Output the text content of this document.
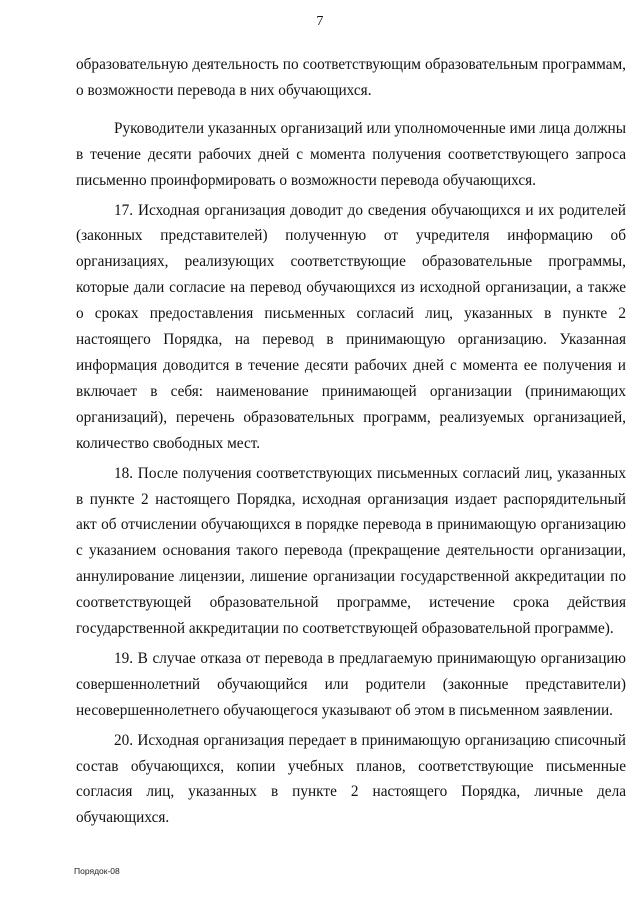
7

образовательную деятельность по соответствующим образовательным программам, о возможности перевода в них обучающихся.

Руководители указанных организаций или уполномоченные ими лица должны в течение десяти рабочих дней с момента получения соответствующего запроса письменно проинформировать о возможности перевода обучающихся.

17. Исходная организация доводит до сведения обучающихся и их родителей (законных представителей) полученную от учредителя информацию об организациях, реализующих соответствующие образовательные программы, которые дали согласие на перевод обучающихся из исходной организации, а также о сроках предоставления письменных согласий лиц, указанных в пункте 2 настоящего Порядка, на перевод в принимающую организацию. Указанная информация доводится в течение десяти рабочих дней с момента ее получения и включает в себя: наименование принимающей организации (принимающих организаций), перечень образовательных программ, реализуемых организацией, количество свободных мест.

18. После получения соответствующих письменных согласий лиц, указанных в пункте 2 настоящего Порядка, исходная организация издает распорядительный акт об отчислении обучающихся в порядке перевода в принимающую организацию с указанием основания такого перевода (прекращение деятельности организации, аннулирование лицензии, лишение организации государственной аккредитации по соответствующей образовательной программе, истечение срока действия государственной аккредитации по соответствующей образовательной программе).

19. В случае отказа от перевода в предлагаемую принимающую организацию совершеннолетний обучающийся или родители (законные представители) несовершеннолетнего обучающегося указывают об этом в письменном заявлении.

20. Исходная организация передает в принимающую организацию списочный состав обучающихся, копии учебных планов, соответствующие письменные согласия лиц, указанных в пункте 2 настоящего Порядка, личные дела обучающихся.

Порядок-08
